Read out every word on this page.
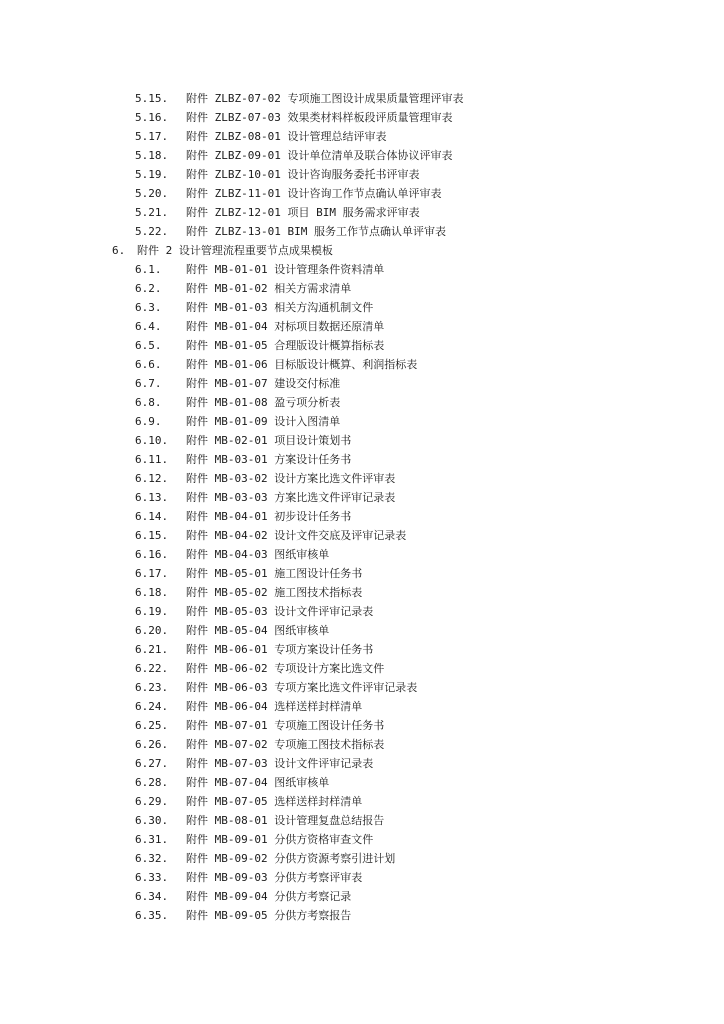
5.15. 附件 ZLBZ-07-02 专项施工图设计成果质量管理评审表
5.16. 附件 ZLBZ-07-03 效果类材料样板段评质量管理审表
5.17. 附件 ZLBZ-08-01 设计管理总结评审表
5.18. 附件 ZLBZ-09-01 设计单位清单及联合体协议评审表
5.19. 附件 ZLBZ-10-01 设计咨询服务委托书评审表
5.20. 附件 ZLBZ-11-01 设计咨询工作节点确认单评审表
5.21. 附件 ZLBZ-12-01 项目 BIM 服务需求评审表
5.22. 附件 ZLBZ-13-01 BIM 服务工作节点确认单评审表
6. 附件 2 设计管理流程重要节点成果模板
6.1. 附件 MB-01-01 设计管理条件资料清单
6.2. 附件 MB-01-02 相关方需求清单
6.3. 附件 MB-01-03 相关方沟通机制文件
6.4. 附件 MB-01-04 对标项目数据还原清单
6.5. 附件 MB-01-05 合理版设计概算指标表
6.6. 附件 MB-01-06 目标版设计概算、利润指标表
6.7. 附件 MB-01-07 建设交付标准
6.8. 附件 MB-01-08 盈亏项分析表
6.9. 附件 MB-01-09 设计入图清单
6.10. 附件 MB-02-01 项目设计策划书
6.11. 附件 MB-03-01 方案设计任务书
6.12. 附件 MB-03-02 设计方案比选文件评审表
6.13. 附件 MB-03-03 方案比选文件评审记录表
6.14. 附件 MB-04-01 初步设计任务书
6.15. 附件 MB-04-02 设计文件交底及评审记录表
6.16. 附件 MB-04-03 图纸审核单
6.17. 附件 MB-05-01 施工图设计任务书
6.18. 附件 MB-05-02 施工图技术指标表
6.19. 附件 MB-05-03 设计文件评审记录表
6.20. 附件 MB-05-04 图纸审核单
6.21. 附件 MB-06-01 专项方案设计任务书
6.22. 附件 MB-06-02 专项设计方案比选文件
6.23. 附件 MB-06-03 专项方案比选文件评审记录表
6.24. 附件 MB-06-04 选样送样封样清单
6.25. 附件 MB-07-01 专项施工图设计任务书
6.26. 附件 MB-07-02 专项施工图技术指标表
6.27. 附件 MB-07-03 设计文件评审记录表
6.28. 附件 MB-07-04 图纸审核单
6.29. 附件 MB-07-05 选样送样封样清单
6.30. 附件 MB-08-01 设计管理复盘总结报告
6.31. 附件 MB-09-01 分供方资格审查文件
6.32. 附件 MB-09-02 分供方资源考察引进计划
6.33. 附件 MB-09-03 分供方考察评审表
6.34. 附件 MB-09-04 分供方考察记录
6.35. 附件 MB-09-05 分供方考察报告
